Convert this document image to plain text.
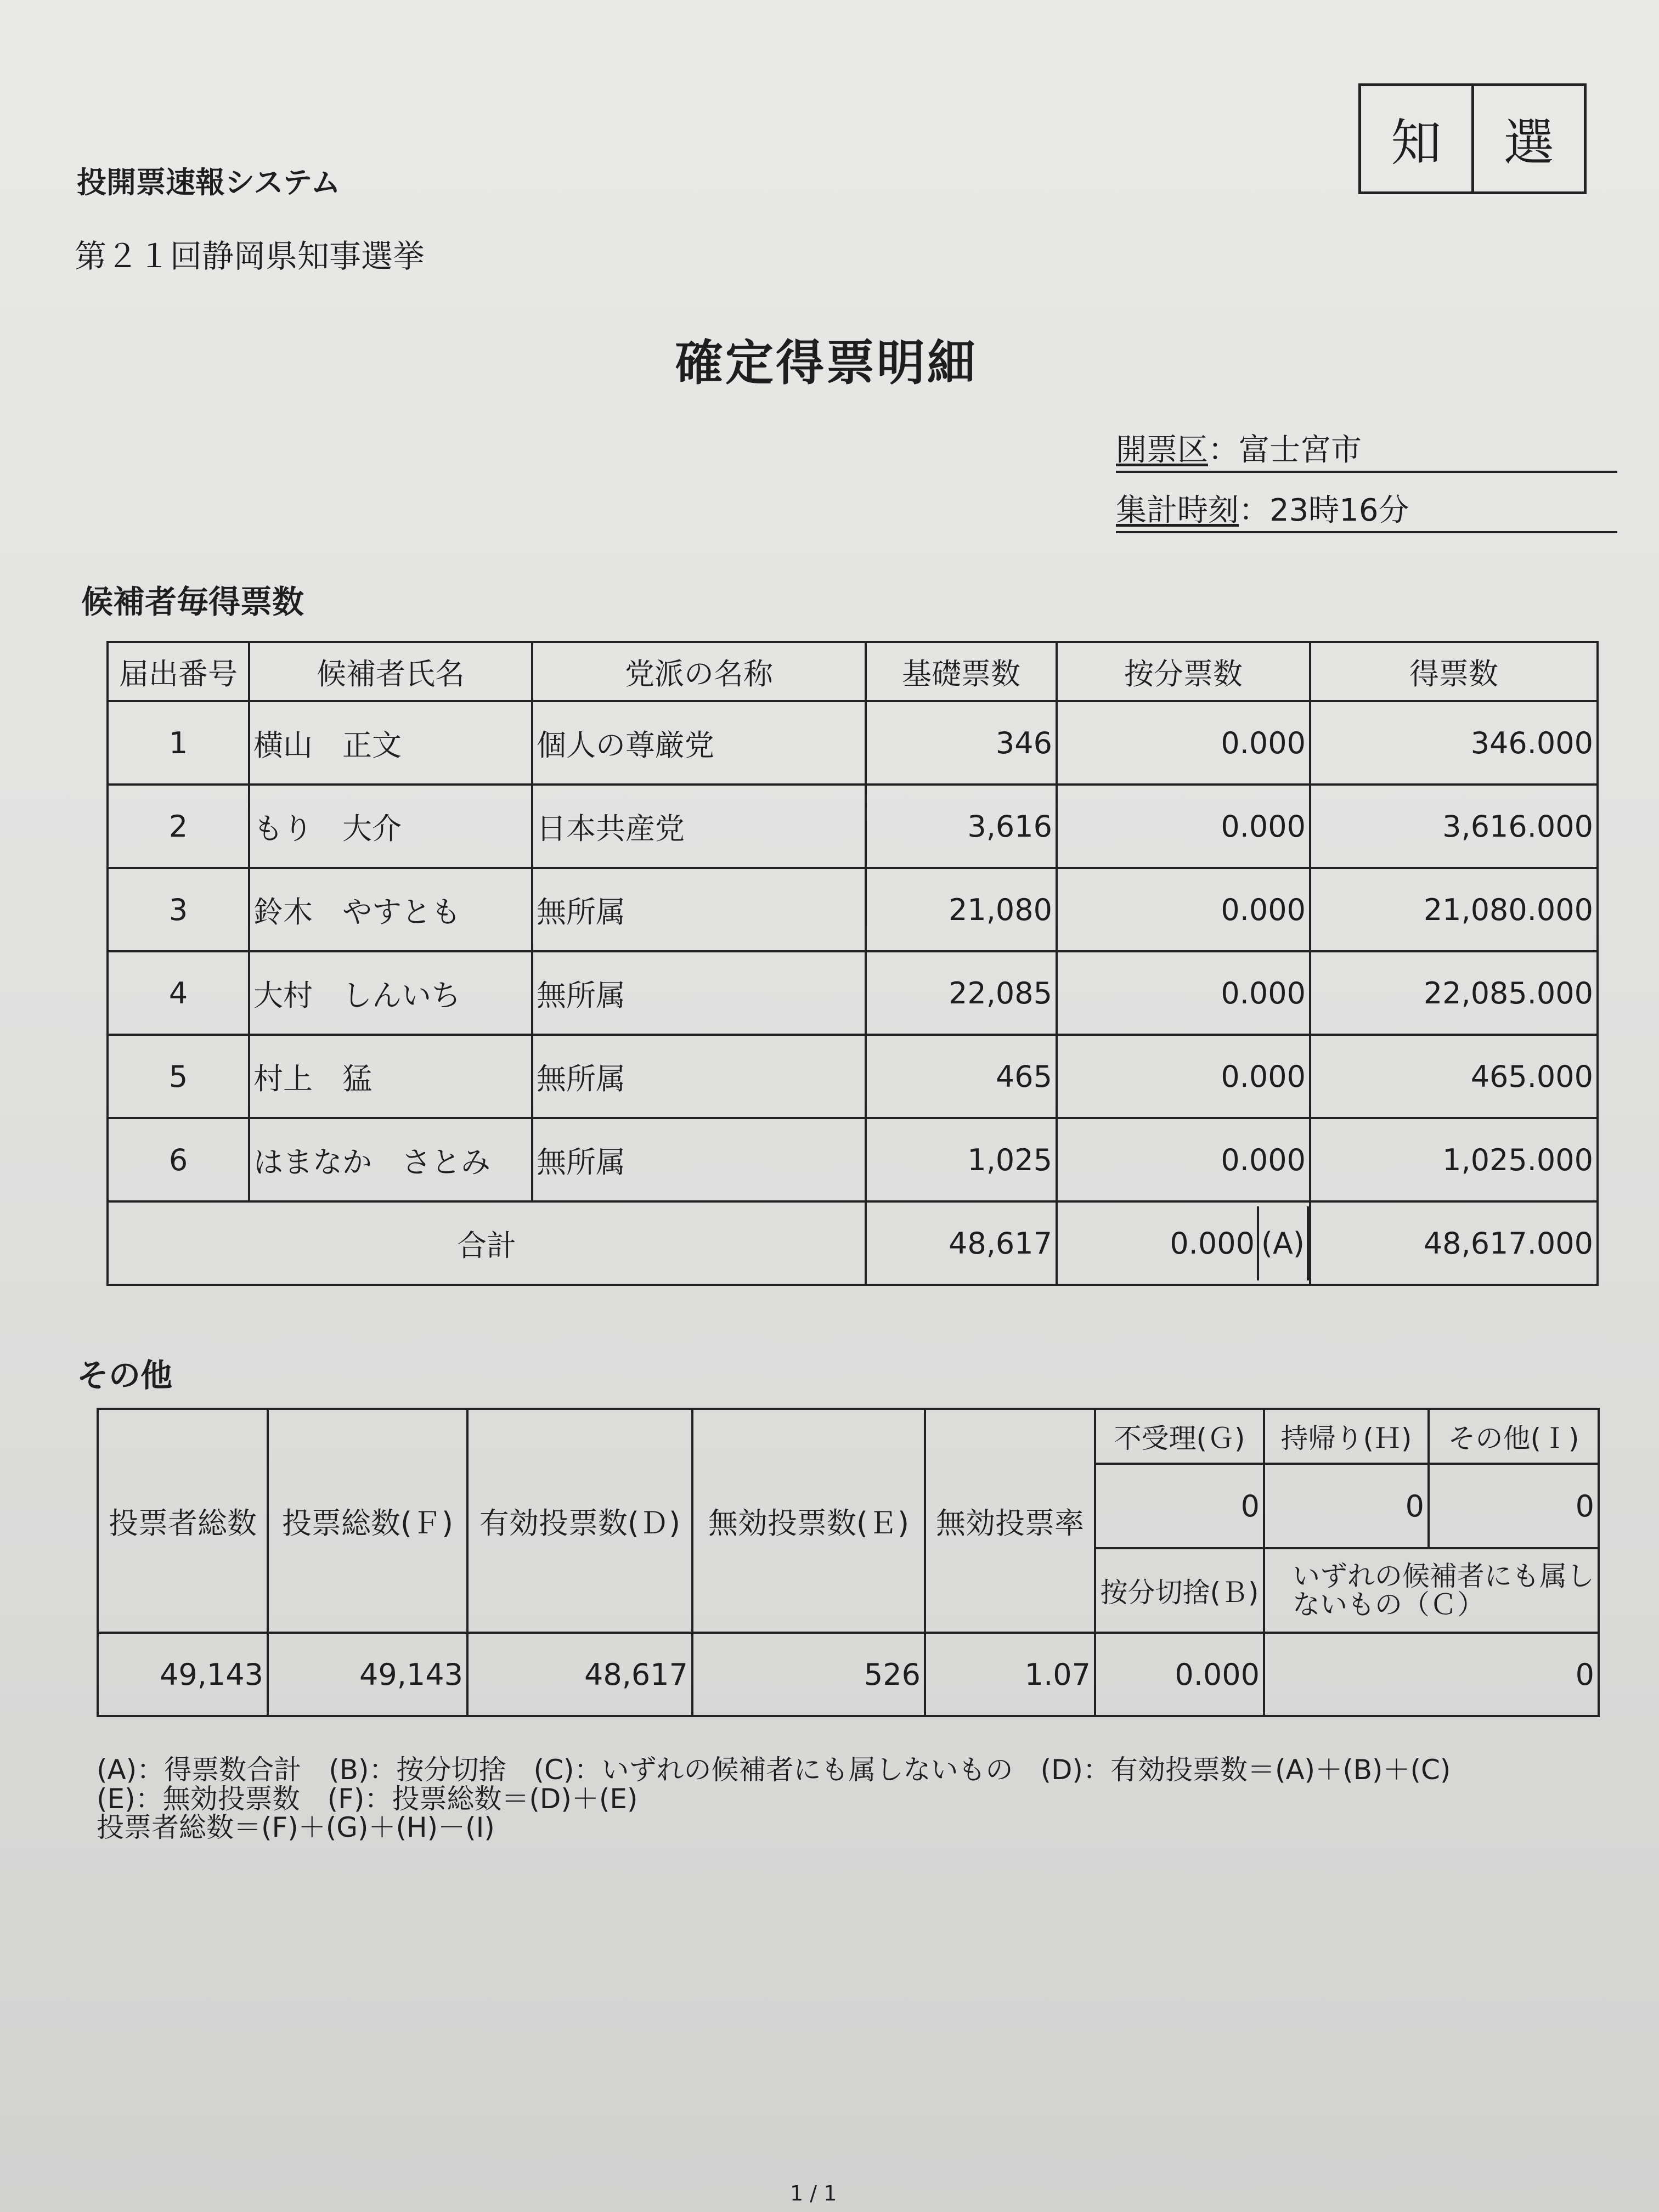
知	選
投開票速報システム
第２１回静岡県知事選挙
確定得票明細
開票区：富士宮市
集計時刻：23時16分
候補者毎得票数
届出番号	候補者氏名	党派の名称	基礎票数	按分票数	得票数
1	横山　正文	個人の尊厳党	346	0.000	346.000
2	もり　大介	日本共産党	3,616	0.000	3,616.000
3	鈴木　やすとも	無所属	21,080	0.000	21,080.000
4	大村　しんいち	無所属	22,085	0.000	22,085.000
5	村上　猛	無所属	465	0.000	465.000
6	はまなか　さとみ	無所属	1,025	0.000	1,025.000
合計			48,617	0.000 (A)	48,617.000
その他
投票者総数	投票総数(Ｆ)	有効投票数(Ｄ)	無効投票数(Ｅ)	無効投票率	不受理(Ｇ)	持帰り(Ｈ)	その他(Ｉ)
					0	0	0
					按分切捨(Ｂ)	いずれの候補者にも属しないもの（Ｃ）	
49,143	49,143	48,617	526	1.07	0.000	0	
(A)：得票数合計　(B)：按分切捨　(C)：いずれの候補者にも属しないもの　(D)：有効投票数＝(A)＋(B)＋(C)
(E)：無効投票数　(F)：投票総数＝(D)＋(E)
投票者総数＝(F)＋(G)＋(H)－(I)
1 / 1
